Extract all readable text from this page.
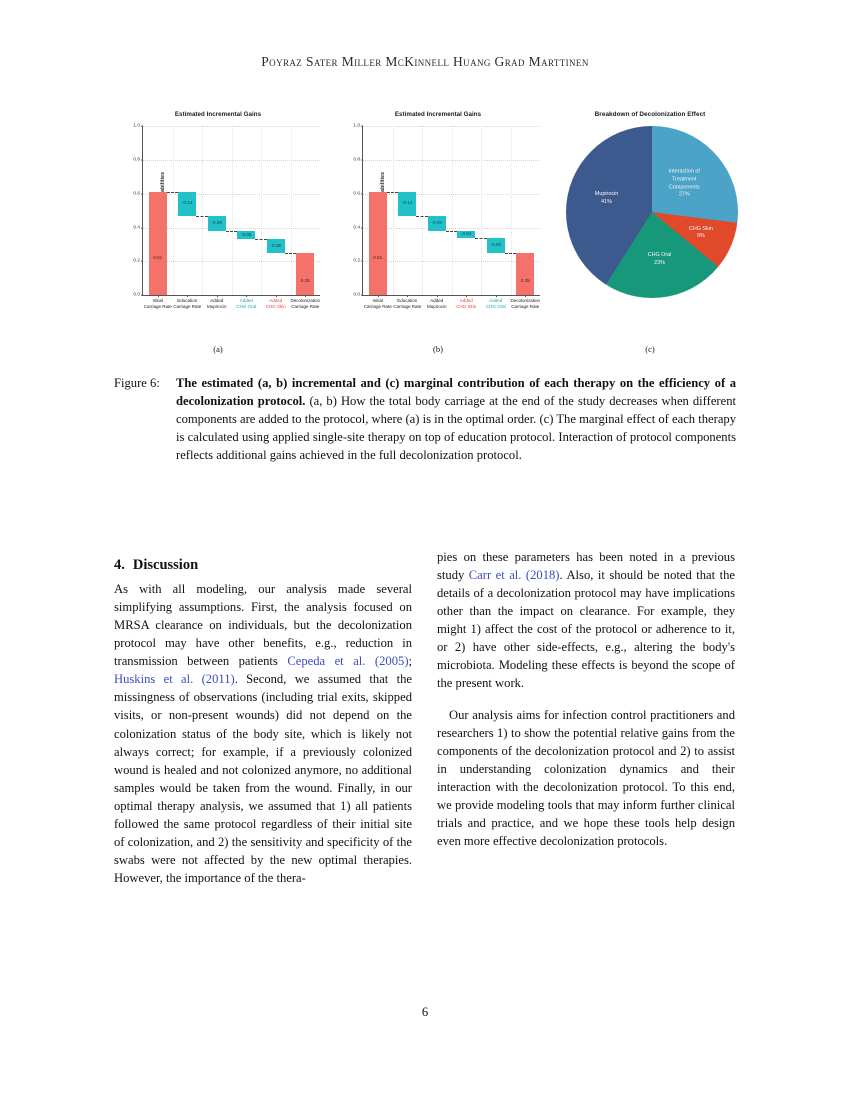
Poyraz Sater Miller McKinnell Huang Grad Marttinen
Estimated Incremental Gains
0.0
0.2
0.4
0.6
0.8
1.0
0.61
Initial
Carriage Rate
-0.14
Education
Carriage Rate
-0.09
Added
Mupirocin
-0.05
Added
CHG Oral
-0.08
Added
CHG Skin
0.25
Decolonization
Carriage Rate
(a)
Estimated Incremental Gains
0.0
0.2
0.4
0.6
0.8
1.0
0.61
Initial
Carriage Rate
-0.14
Education
Carriage Rate
-0.09
Added
Mupirocin
-0.04
Added
CHG Skin
-0.09
Added
CHG Oral
0.25
Decolonization
Carriage Rate
(b)
Breakdown of Decolonization Effect
Interaction of
Treatment
Components
27%
CHG Skin
9%
CHG Oral
23%
Mupirocin
41%
(c)
Figure 6:	The estimated (a, b) incremental and (c) marginal contribution of each therapy on the efficiency of a decolonization protocol. (a, b) How the total body carriage at the end of the study decreases when different components are added to the protocol, where (a) is in the optimal order. (c) The marginal effect of each therapy is calculated using applied single-site therapy on top of education protocol. Interaction of protocol components reflects additional gains achieved in the full decolonization protocol.
4. Discussion

As with all modeling, our analysis made several simplifying assumptions. First, the analysis focused on MRSA clearance on individuals, but the decolonization protocol may have other benefits, e.g., reduction in transmission between patients Cepeda et al. (2005); Huskins et al. (2011). Second, we assumed that the missingness of observations (including trial exits, skipped visits, or non-present wounds) did not depend on the colonization status of the body site, which is likely not always correct; for example, if a previously colonized wound is healed and not colonized anymore, no additional samples would be taken from the wound. Finally, in our optimal therapy analysis, we assumed that 1) all patients followed the same protocol regardless of their initial site of colonization, and 2) the sensitivity and specificity of the swabs were not affected by the new optimal therapies. However, the importance of the thera-

pies on these parameters has been noted in a previous study Carr et al. (2018). Also, it should be noted that the details of a decolonization protocol may have implications other than the impact on clearance. For example, they might 1) affect the cost of the protocol or adherence to it, or 2) have other side-effects, e.g., altering the body's microbiota. Modeling these effects is beyond the scope of the present work.

Our analysis aims for infection control practitioners and researchers 1) to show the potential relative gains from the components of the decolonization protocol and 2) to assist in understanding colonization dynamics and their interaction with the decolonization protocol. To this end, we provide modeling tools that may inform further clinical trials and practice, and we hope these tools help design even more effective decolonization protocols.

6
